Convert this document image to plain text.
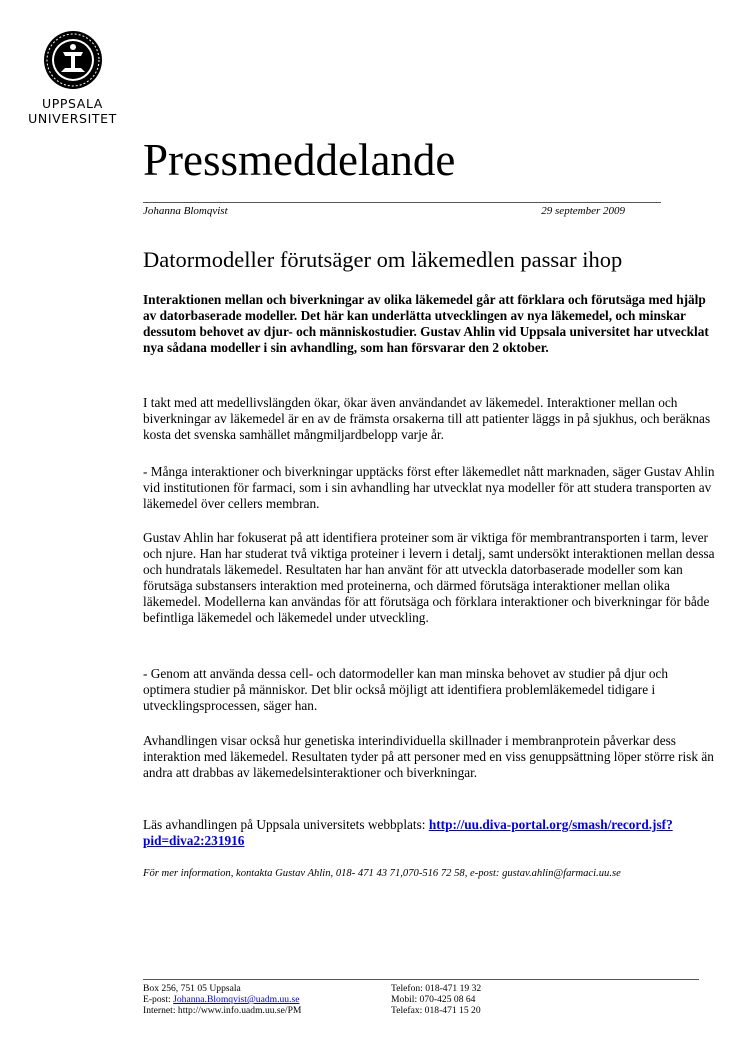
UPPSALA
UNIVERSITET
Pressmeddelande
Johanna Blomqvist	29 september 2009
Datormodeller förutsäger om läkemedlen passar ihop

Interaktionen mellan och biverkningar av olika läkemedel går att förklara och förutsäga med hjälp av datorbaserade modeller. Det här kan underlätta utvecklingen av nya läkemedel, och minskar dessutom behovet av djur- och människostudier. Gustav Ahlin vid Uppsala universitet har utvecklat nya sådana modeller i sin avhandling, som han försvarar den 2 oktober.

I takt med att medellivslängden ökar, ökar även användandet av läkemedel. Interaktioner mellan och biverkningar av läkemedel är en av de främsta orsakerna till att patienter läggs in på sjukhus, och beräknas kosta det svenska samhället mångmiljardbelopp varje år.

- Många interaktioner och biverkningar upptäcks först efter läkemedlet nått marknaden, säger Gustav Ahlin vid institutionen för farmaci, som i sin avhandling har utvecklat nya modeller för att studera transporten av läkemedel över cellers membran.

Gustav Ahlin har fokuserat på att identifiera proteiner som är viktiga för membrantransporten i tarm, lever och njure. Han har studerat två viktiga proteiner i levern i detalj, samt undersökt interaktionen mellan dessa och hundratals läkemedel. Resultaten har han använt för att utveckla datorbaserade modeller som kan förutsäga substansers interaktion med proteinerna, och därmed förutsäga interaktioner mellan olika läkemedel. Modellerna kan användas för att förutsäga och förklara interaktioner och biverkningar för både befintliga läkemedel och läkemedel under utveckling.

- Genom att använda dessa cell- och datormodeller kan man minska behovet av studier på djur och optimera studier på människor. Det blir också möjligt att identifiera problemläkemedel tidigare i utvecklingsprocessen, säger han.

Avhandlingen visar också hur genetiska interindividuella skillnader i membranprotein påverkar dess interaktion med läkemedel. Resultaten tyder på att personer med en viss genuppsättning löper större risk än andra att drabbas av läkemedelsinteraktioner och biverkningar.

Läs avhandlingen på Uppsala universitets webbplats: http://uu.diva-portal.org/smash/record.jsf?pid=diva2:231916

För mer information, kontakta Gustav Ahlin, 018- 471 43 71,070-516 72 58, e-post: gustav.ahlin@farmaci.uu.se

Box 256, 751 05 Uppsala
E-post: Johanna.Blomqvist@uadm.uu.se
Internet: http://www.info.uadm.uu.se/PM
Telefon: 018-471 19 32
Mobil: 070-425 08 64
Telefax: 018-471 15 20
